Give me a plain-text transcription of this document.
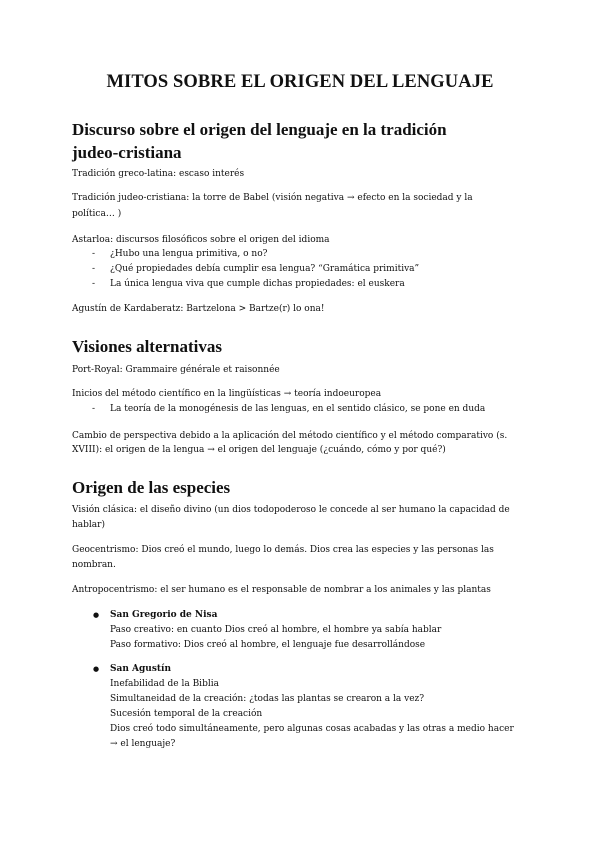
MITOS SOBRE EL ORIGEN DEL LENGUAJE
Discurso sobre el origen del lenguaje en la tradición
judeo-cristiana
Tradición greco-latina: escaso interés
Tradición judeo-cristiana: la torre de Babel (visión negativa → efecto en la sociedad y la
política… )
Astarloa: discursos filosóficos sobre el origen del idioma
- ¿Hubo una lengua primitiva, o no?
- ¿Qué propiedades debía cumplir esa lengua? “Gramática primitiva”
- La única lengua viva que cumple dichas propiedades: el euskera
Agustín de Kardaberatz: Bartzelona > Bartze(r) lo ona!
Visiones alternativas
Port-Royal: Grammaire générale et raisonnée
Inicios del método científico en la lingüísticas → teoría indoeuropea
- La teoría de la monogénesis de las lenguas, en el sentido clásico, se pone en duda
Cambio de perspectiva debido a la aplicación del método científico y el método comparativo (s.
XVIII): el origen de la lengua → el origen del lenguaje (¿cuándo, cómo y por qué?)
Origen de las especies
Visión clásica: el diseño divino (un dios todopoderoso le concede al ser humano la capacidad de
hablar)
Geocentrismo: Dios creó el mundo, luego lo demás. Dios crea las especies y las personas las
nombran.
Antropocentrismo: el ser humano es el responsable de nombrar a los animales y las plantas
● San Gregorio de Nisa
Paso creativo: en cuanto Dios creó al hombre, el hombre ya sabía hablar
Paso formativo: Dios creó al hombre, el lenguaje fue desarrollándose
● San Agustín
Inefabilidad de la Biblia
Simultaneidad de la creación: ¿todas las plantas se crearon a la vez?
Sucesión temporal de la creación
Dios creó todo simultáneamente, pero algunas cosas acabadas y las otras a medio hacer
→ el lenguaje?
